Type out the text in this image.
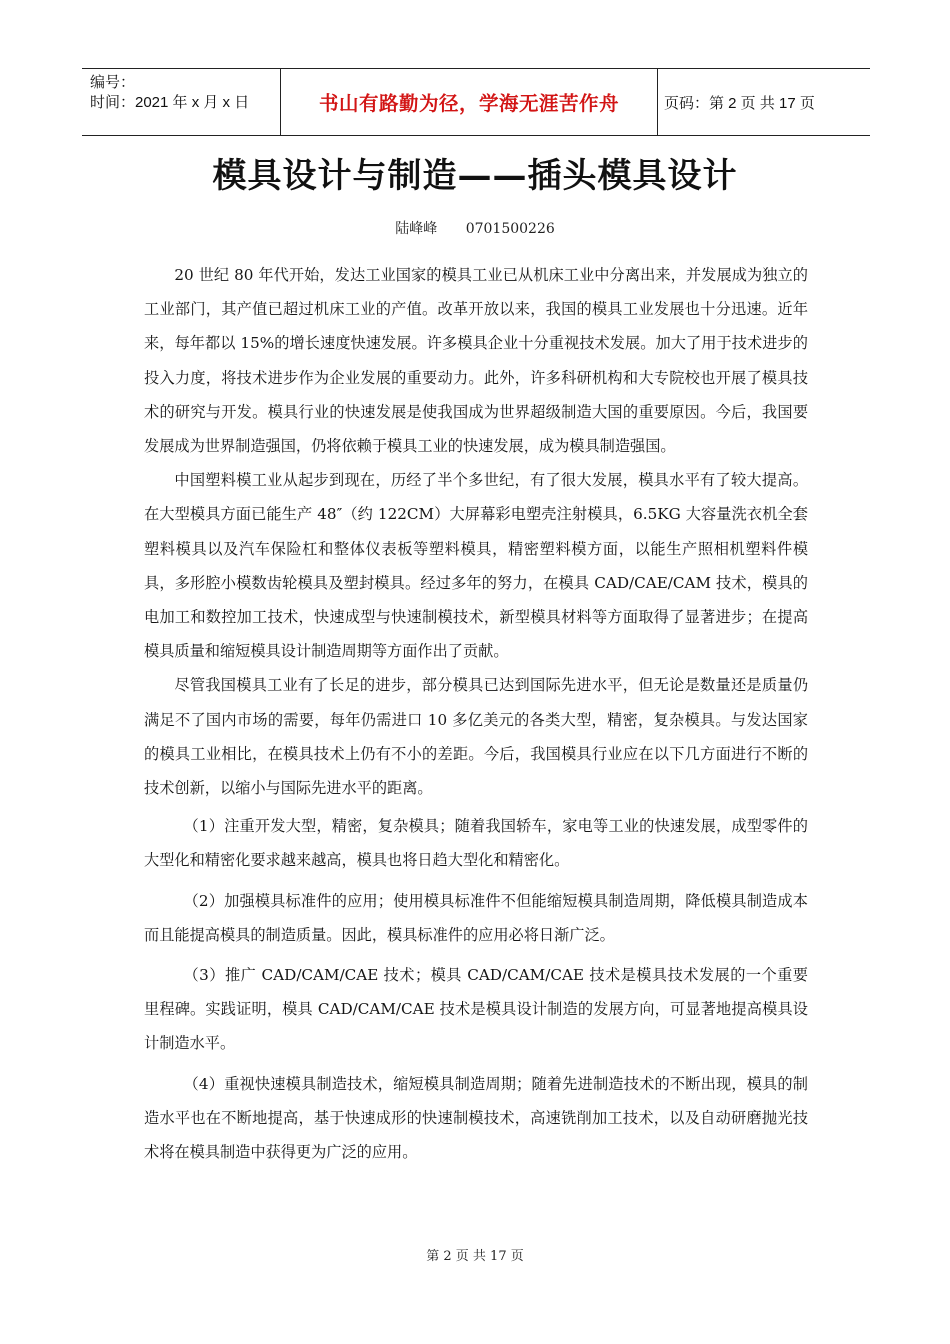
编号：
时间：2021 年 x 月 x 日	书山有路勤为径，学海无涯苦作舟	页码：第 2 页 共 17 页
模具设计与制造——插头模具设计
陆峰峰 0701500226

20 世纪 80 年代开始，发达工业国家的模具工业已从机床工业中分离出来，并发展成为独立的工业部门，其产值已超过机床工业的产值。改革开放以来，我国的模具工业发展也十分迅速。近年来，每年都以 15%的增长速度快速发展。许多模具企业十分重视技术发展。加大了用于技术进步的投入力度，将技术进步作为企业发展的重要动力。此外，许多科研机构和大专院校也开展了模具技术的研究与开发。模具行业的快速发展是使我国成为世界超级制造大国的重要原因。今后，我国要发展成为世界制造强国，仍将依赖于模具工业的快速发展，成为模具制造强国。

中国塑料模工业从起步到现在，历经了半个多世纪，有了很大发展，模具水平有了较大提高。在大型模具方面已能生产 48″（约 122CM）大屏幕彩电塑壳注射模具，6.5KG 大容量洗衣机全套塑料模具以及汽车保险杠和整体仪表板等塑料模具，精密塑料模方面，以能生产照相机塑料件模具，多形腔小模数齿轮模具及塑封模具。经过多年的努力，在模具 CAD/CAE/CAM 技术，模具的电加工和数控加工技术，快速成型与快速制模技术，新型模具材料等方面取得了显著进步；在提高模具质量和缩短模具设计制造周期等方面作出了贡献。

尽管我国模具工业有了长足的进步，部分模具已达到国际先进水平，但无论是数量还是质量仍满足不了国内市场的需要，每年仍需进口 10 多亿美元的各类大型，精密，复杂模具。与发达国家的模具工业相比，在模具技术上仍有不小的差距。今后，我国模具行业应在以下几方面进行不断的技术创新，以缩小与国际先进水平的距离。

（1）注重开发大型，精密，复杂模具；随着我国轿车，家电等工业的快速发展，成型零件的大型化和精密化要求越来越高，模具也将日趋大型化和精密化。

（2）加强模具标准件的应用；使用模具标准件不但能缩短模具制造周期，降低模具制造成本而且能提高模具的制造质量。因此，模具标准件的应用必将日渐广泛。

（3）推广 CAD/CAM/CAE 技术；模具 CAD/CAM/CAE 技术是模具技术发展的一个重要里程碑。实践证明，模具 CAD/CAM/CAE 技术是模具设计制造的发展方向，可显著地提高模具设计制造水平。

（4）重视快速模具制造技术，缩短模具制造周期；随着先进制造技术的不断出现，模具的制造水平也在不断地提高，基于快速成形的快速制模技术，高速铣削加工技术，以及自动研磨抛光技术将在模具制造中获得更为广泛的应用。

第 2 页 共 17 页
